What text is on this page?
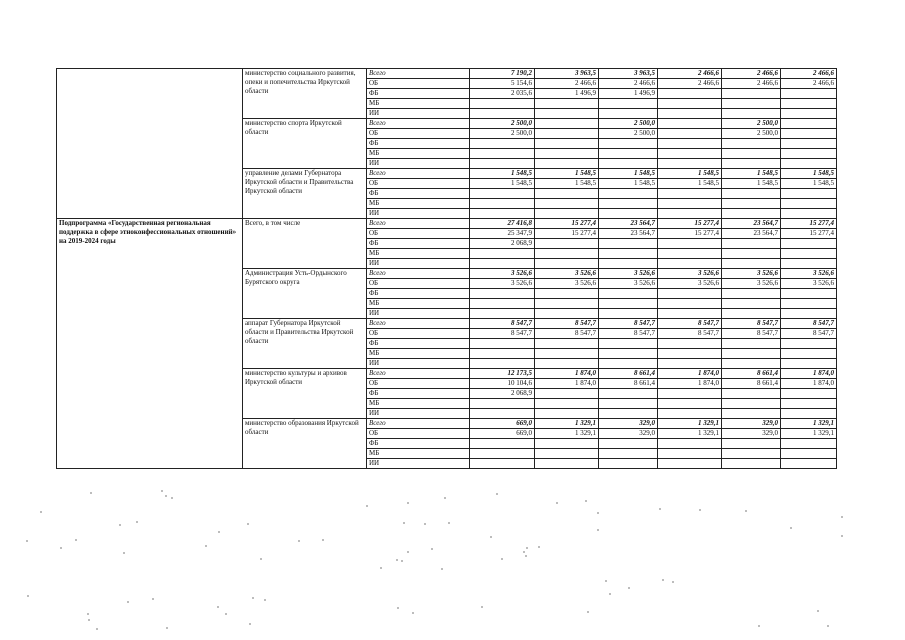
	министерство социального развития, опеки и попечительства Иркутской области	Всего	7 190,2	3 963,5	3 963,5	2 466,6	2 466,6	2 466,6
		ОБ	5 154,6	2 466,6	2 466,6	2 466,6	2 466,6	2 466,6
		ФБ	2 035,6	1 496,9	1 496,9			
		МБ						
		ИИ						
	министерство спорта Иркутской области	Всего	2 500,0		2 500,0		2 500,0	
		ОБ	2 500,0		2 500,0		2 500,0	
		ФБ						
		МБ						
		ИИ						
	управление делами Губернатора Иркутской области и Правительства Иркутской области	Всего	1 548,5	1 548,5	1 548,5	1 548,5	1 548,5	1 548,5
		ОБ	1 548,5	1 548,5	1 548,5	1 548,5	1 548,5	1 548,5
		ФБ						
		МБ						
		ИИ						
Подпрограмма «Государственная региональная поддержка в сфере этноконфессиональных отношений» на 2019-2024 годы	Всего, в том числе	Всего	27 416,8	15 277,4	23 564,7	15 277,4	23 564,7	15 277,4
		ОБ	25 347,9	15 277,4	23 564,7	15 277,4	23 564,7	15 277,4
		ФБ	2 068,9					
		МБ						
		ИИ						
	Администрация Усть-Ордынского Бурятского округа	Всего	3 526,6	3 526,6	3 526,6	3 526,6	3 526,6	3 526,6
		ОБ	3 526,6	3 526,6	3 526,6	3 526,6	3 526,6	3 526,6
		ФБ						
		МБ						
		ИИ						
	аппарат Губернатора Иркутской области и Правительства Иркутской области	Всего	8 547,7	8 547,7	8 547,7	8 547,7	8 547,7	8 547,7
		ОБ	8 547,7	8 547,7	8 547,7	8 547,7	8 547,7	8 547,7
		ФБ						
		МБ						
		ИИ						
	министерство культуры и архивов Иркутской области	Всего	12 173,5	1 874,0	8 661,4	1 874,0	8 661,4	1 874,0
		ОБ	10 104,6	1 874,0	8 661,4	1 874,0	8 661,4	1 874,0
		ФБ	2 068,9					
		МБ						
		ИИ						
	министерство образования Иркутской области	Всего	669,0	1 329,1	329,0	1 329,1	329,0	1 329,1
		ОБ	669,0	1 329,1	329,0	1 329,1	329,0	1 329,1
		ФБ						
		МБ						
		ИИ						
